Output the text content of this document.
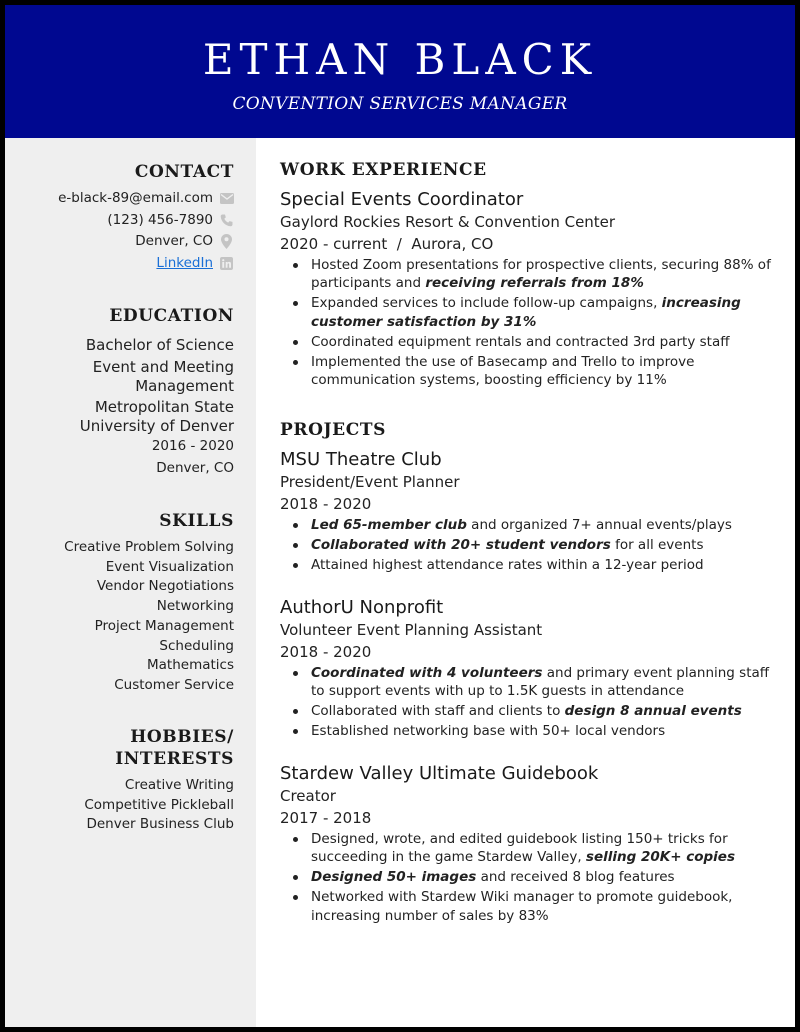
ETHAN BLACK
CONVENTION SERVICES MANAGER
CONTACT
e-black-89@email.com
(123) 456-7890
Denver, CO
LinkedIn
EDUCATION
Bachelor of Science
Event and Meeting
Management
Metropolitan State
University of Denver
2016 - 2020
Denver, CO
SKILLS
Creative Problem Solving
Event Visualization
Vendor Negotiations
Networking
Project Management
Scheduling
Mathematics
Customer Service
HOBBIES/
INTERESTS
Creative Writing
Competitive Pickleball
Denver Business Club
WORK EXPERIENCE
Special Events Coordinator
Gaylord Rockies Resort & Convention Center
2020 - current  /  Aurora, CO
Hosted Zoom presentations for prospective clients, securing 88% of participants and receiving referrals from 18%
Expanded services to include follow-up campaigns, increasing customer satisfaction by 31%
Coordinated equipment rentals and contracted 3rd party staff
Implemented the use of Basecamp and Trello to improve communication systems, boosting efficiency by 11%
PROJECTS
MSU Theatre Club
President/Event Planner
2018 - 2020
Led 65-member club and organized 7+ annual events/plays
Collaborated with 20+ student vendors for all events
Attained highest attendance rates within a 12-year period
AuthorU Nonprofit
Volunteer Event Planning Assistant
2018 - 2020
Coordinated with 4 volunteers and primary event planning staff to support events with up to 1.5K guests in attendance
Collaborated with staff and clients to design 8 annual events
Established networking base with 50+ local vendors
Stardew Valley Ultimate Guidebook
Creator
2017 - 2018
Designed, wrote, and edited guidebook listing 150+ tricks for succeeding in the game Stardew Valley, selling 20K+ copies
Designed 50+ images and received 8 blog features
Networked with Stardew Wiki manager to promote guidebook, increasing number of sales by 83%
